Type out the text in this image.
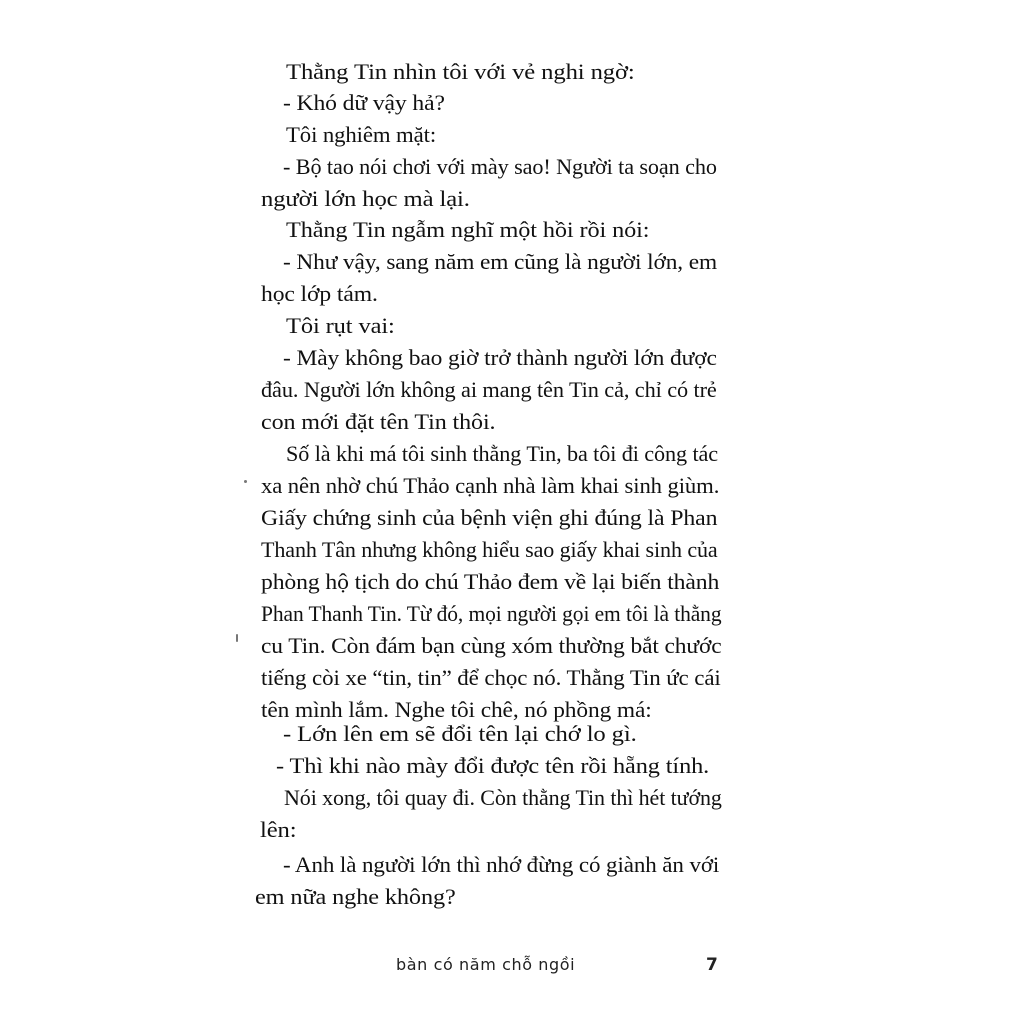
Thằng Tin nhìn tôi với vẻ nghi ngờ:
- Khó dữ vậy hả?
Tôi nghiêm mặt:
- Bộ tao nói chơi với mày sao! Người ta soạn cho
người lớn học mà lại.
Thằng Tin ngẫm nghĩ một hồi rồi nói:
- Như vậy, sang năm em cũng là người lớn, em
học lớp tám.
Tôi rụt vai:
- Mày không bao giờ trở thành người lớn được
đâu. Người lớn không ai mang tên Tin cả, chỉ có trẻ
con mới đặt tên Tin thôi.
Số là khi má tôi sinh thằng Tin, ba tôi đi công tác
xa nên nhờ chú Thảo cạnh nhà làm khai sinh giùm.
Giấy chứng sinh của bệnh viện ghi đúng là Phan
Thanh Tân nhưng không hiểu sao giấy khai sinh của
phòng hộ tịch do chú Thảo đem về lại biến thành
Phan Thanh Tin. Từ đó, mọi người gọi em tôi là thằng
cu Tin. Còn đám bạn cùng xóm thường bắt chước
tiếng còi xe “tin, tin” để chọc nó. Thằng Tin ức cái
tên mình lắm. Nghe tôi chê, nó phồng má:
- Lớn lên em sẽ đổi tên lại chớ lo gì.
- Thì khi nào mày đổi được tên rồi hẵng tính.
Nói xong, tôi quay đi. Còn thằng Tin thì hét tướng
lên:
- Anh là người lớn thì nhớ đừng có giành ăn với
em nữa nghe không?
bàn có năm chỗ ngồi	7
